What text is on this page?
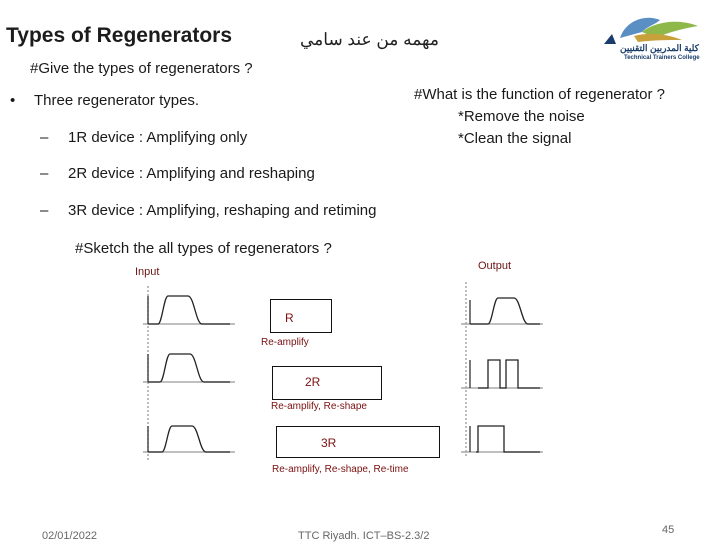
Types of Regenerators	مهمه من عند سامي	كلية المدربين التقنيين
Technical Trainers College
#Give the types of regenerators ?
• Three regenerator types.
– 1R device : Amplifying only
– 2R device : Amplifying and reshaping
– 3R device : Amplifying, reshaping and retiming
#What is the function of regenerator ?
*Remove the noise
*Clean the signal
#Sketch the all types of regenerators ?
Input	Output
R
Re-amplify
2R
Re-amplify, Re-shape
3R
Re-amplify, Re-shape, Re-time
02/01/2022	TTC Riyadh. ICT–BS-2.3/2	45
